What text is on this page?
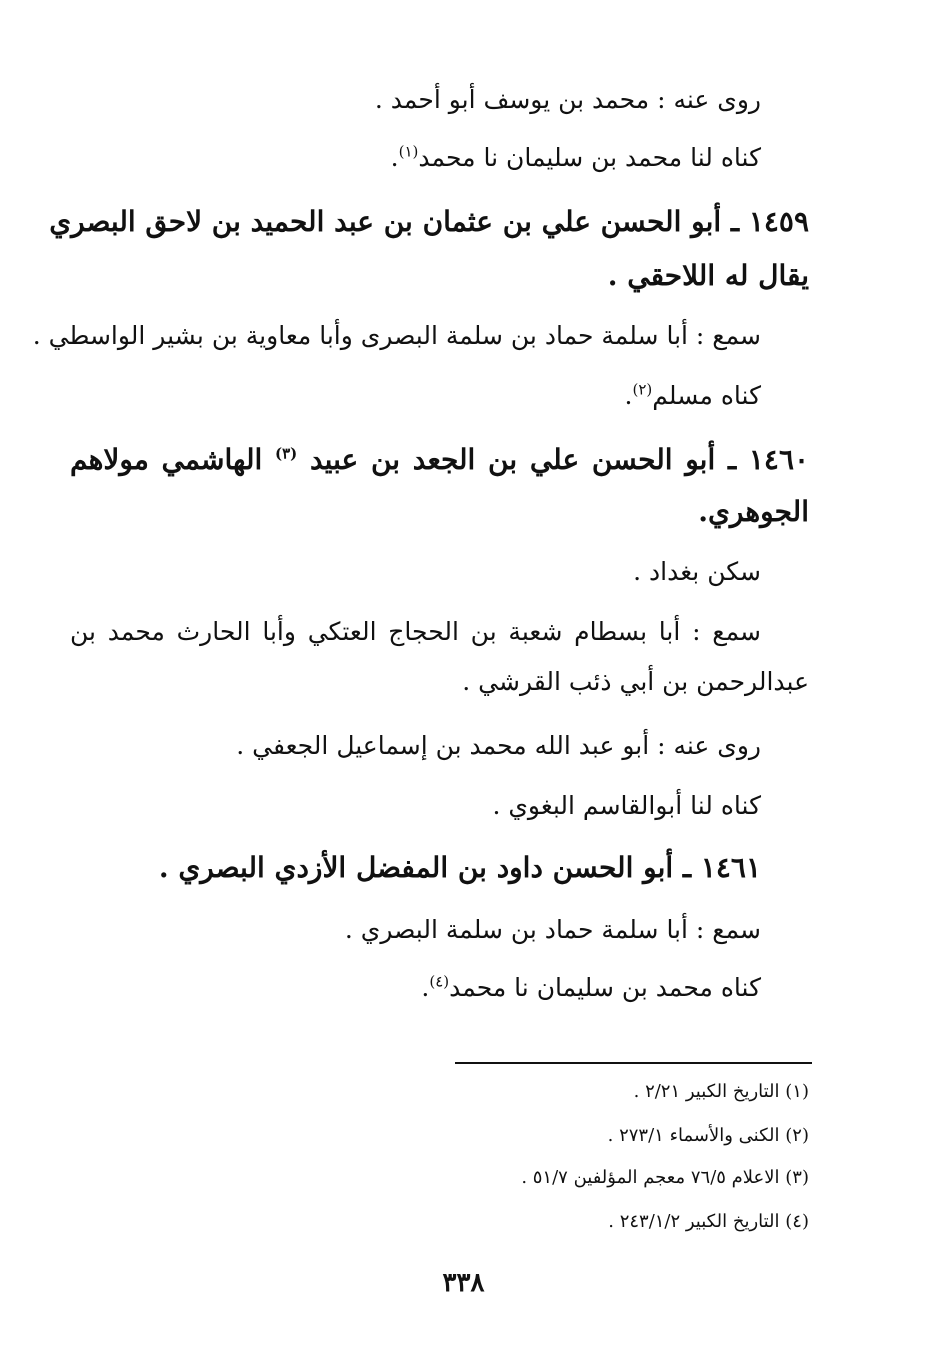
روى عنه : محمد بن يوسف أبو أحمد .
كناه لنا محمد بن سليمان نا محمد$^{(١)}$.
١٤٥٩ ـ أبو الحسن علي بن عثمان بن عبد الحميد بن لاحق البصري
يقال له اللاحقي .
سمع : أبا سلمة حماد بن سلمة البصرى وأبا معاوية بن بشير الواسطي .
كناه مسلم$^{(٢)}$.
١٤٦٠ ـ أبو الحسن علي بن الجعد بن عبيد $^{(٣)}$ الهاشمي مولاهم
الجوهري.
سكن بغداد .
سمع : أبا بسطام شعبة بن الحجاج العتكي وأبا الحارث محمد بن
عبدالرحمن بن أبي ذئب القرشي .
روى عنه : أبو عبد الله محمد بن إسماعيل الجعفي .
كناه لنا أبوالقاسم البغوي .
١٤٦١ ـ أبو الحسن داود بن المفضل الأزدي البصري .
سمع : أبا سلمة حماد بن سلمة البصري .
كناه محمد بن سليمان نا محمد$^{(٤)}$.
(١) التاريخ الكبير ٢/٢١ .
(٢) الكنى والأسماء ٢٧٣/١ .
(٣) الاعلام ٧٦/٥ معجم المؤلفين ٥١/٧ .
(٤) التاريخ الكبير ٢٤٣/١/٢ .
٣٣٨
